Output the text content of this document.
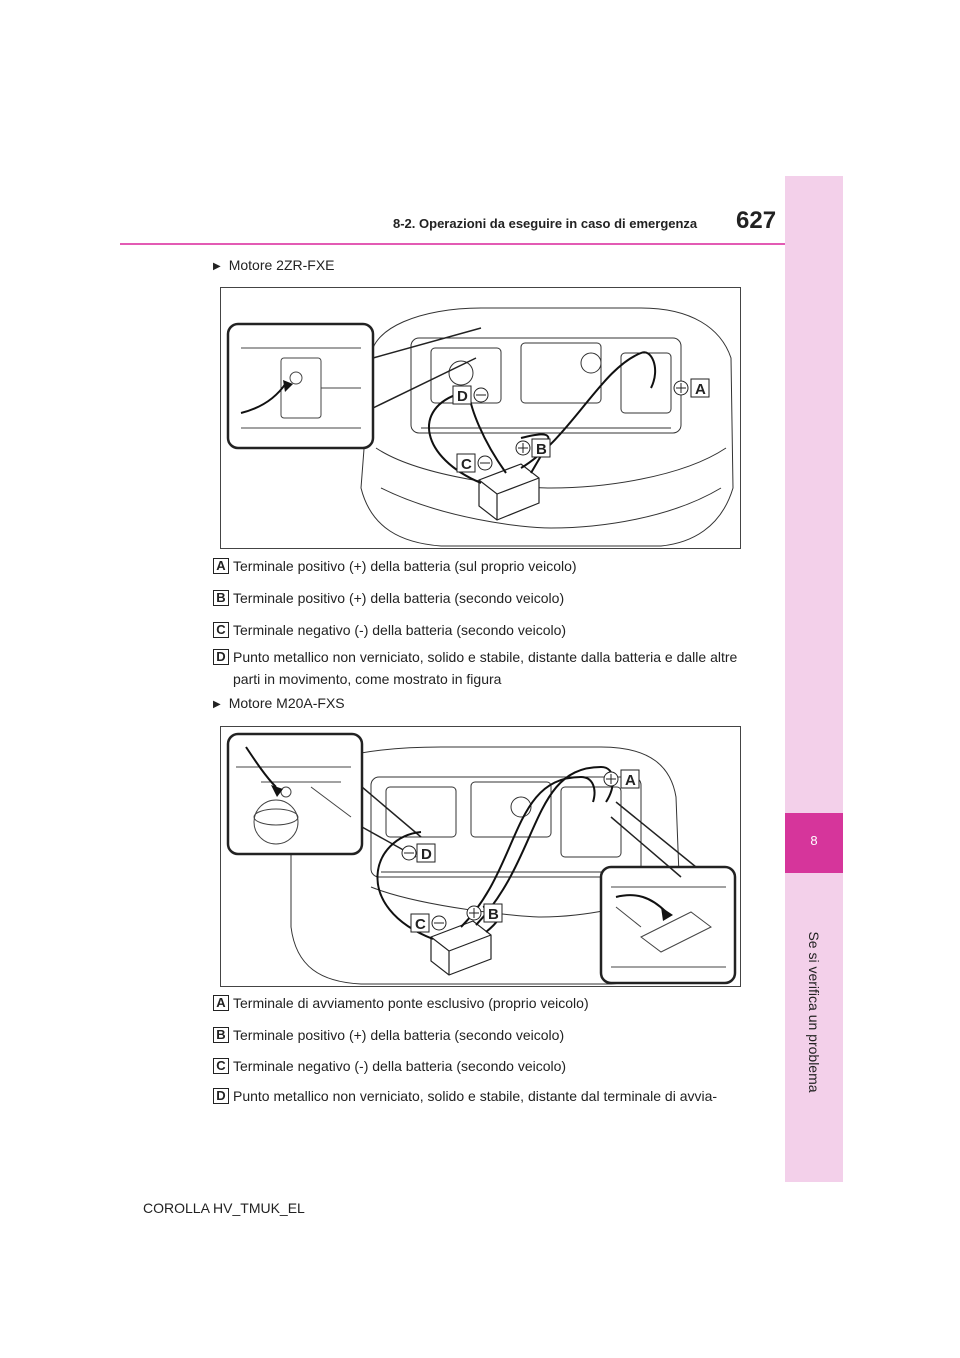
8
Se si verifica un problema
8-2. Operazioni da eseguire in caso di emergenza 627
▶ Motore 2ZR-FXE
A
B
C
D
A Terminale positivo (+) della batteria (sul proprio veicolo)
B Terminale positivo (+) della batteria (secondo veicolo)
C Terminale negativo (-) della batteria (secondo veicolo)
D Punto metallico non verniciato, solido e stabile, distante dalla batteria e dalle altre parti in movimento, come mostrato in figura
▶ Motore M20A-FXS
A
B
C
D
A Terminale di avviamento ponte esclusivo (proprio veicolo)
B Terminale positivo (+) della batteria (secondo veicolo)
C Terminale negativo (-) della batteria (secondo veicolo)
D Punto metallico non verniciato, solido e stabile, distante dal terminale di avvia-
COROLLA HV_TMUK_EL
